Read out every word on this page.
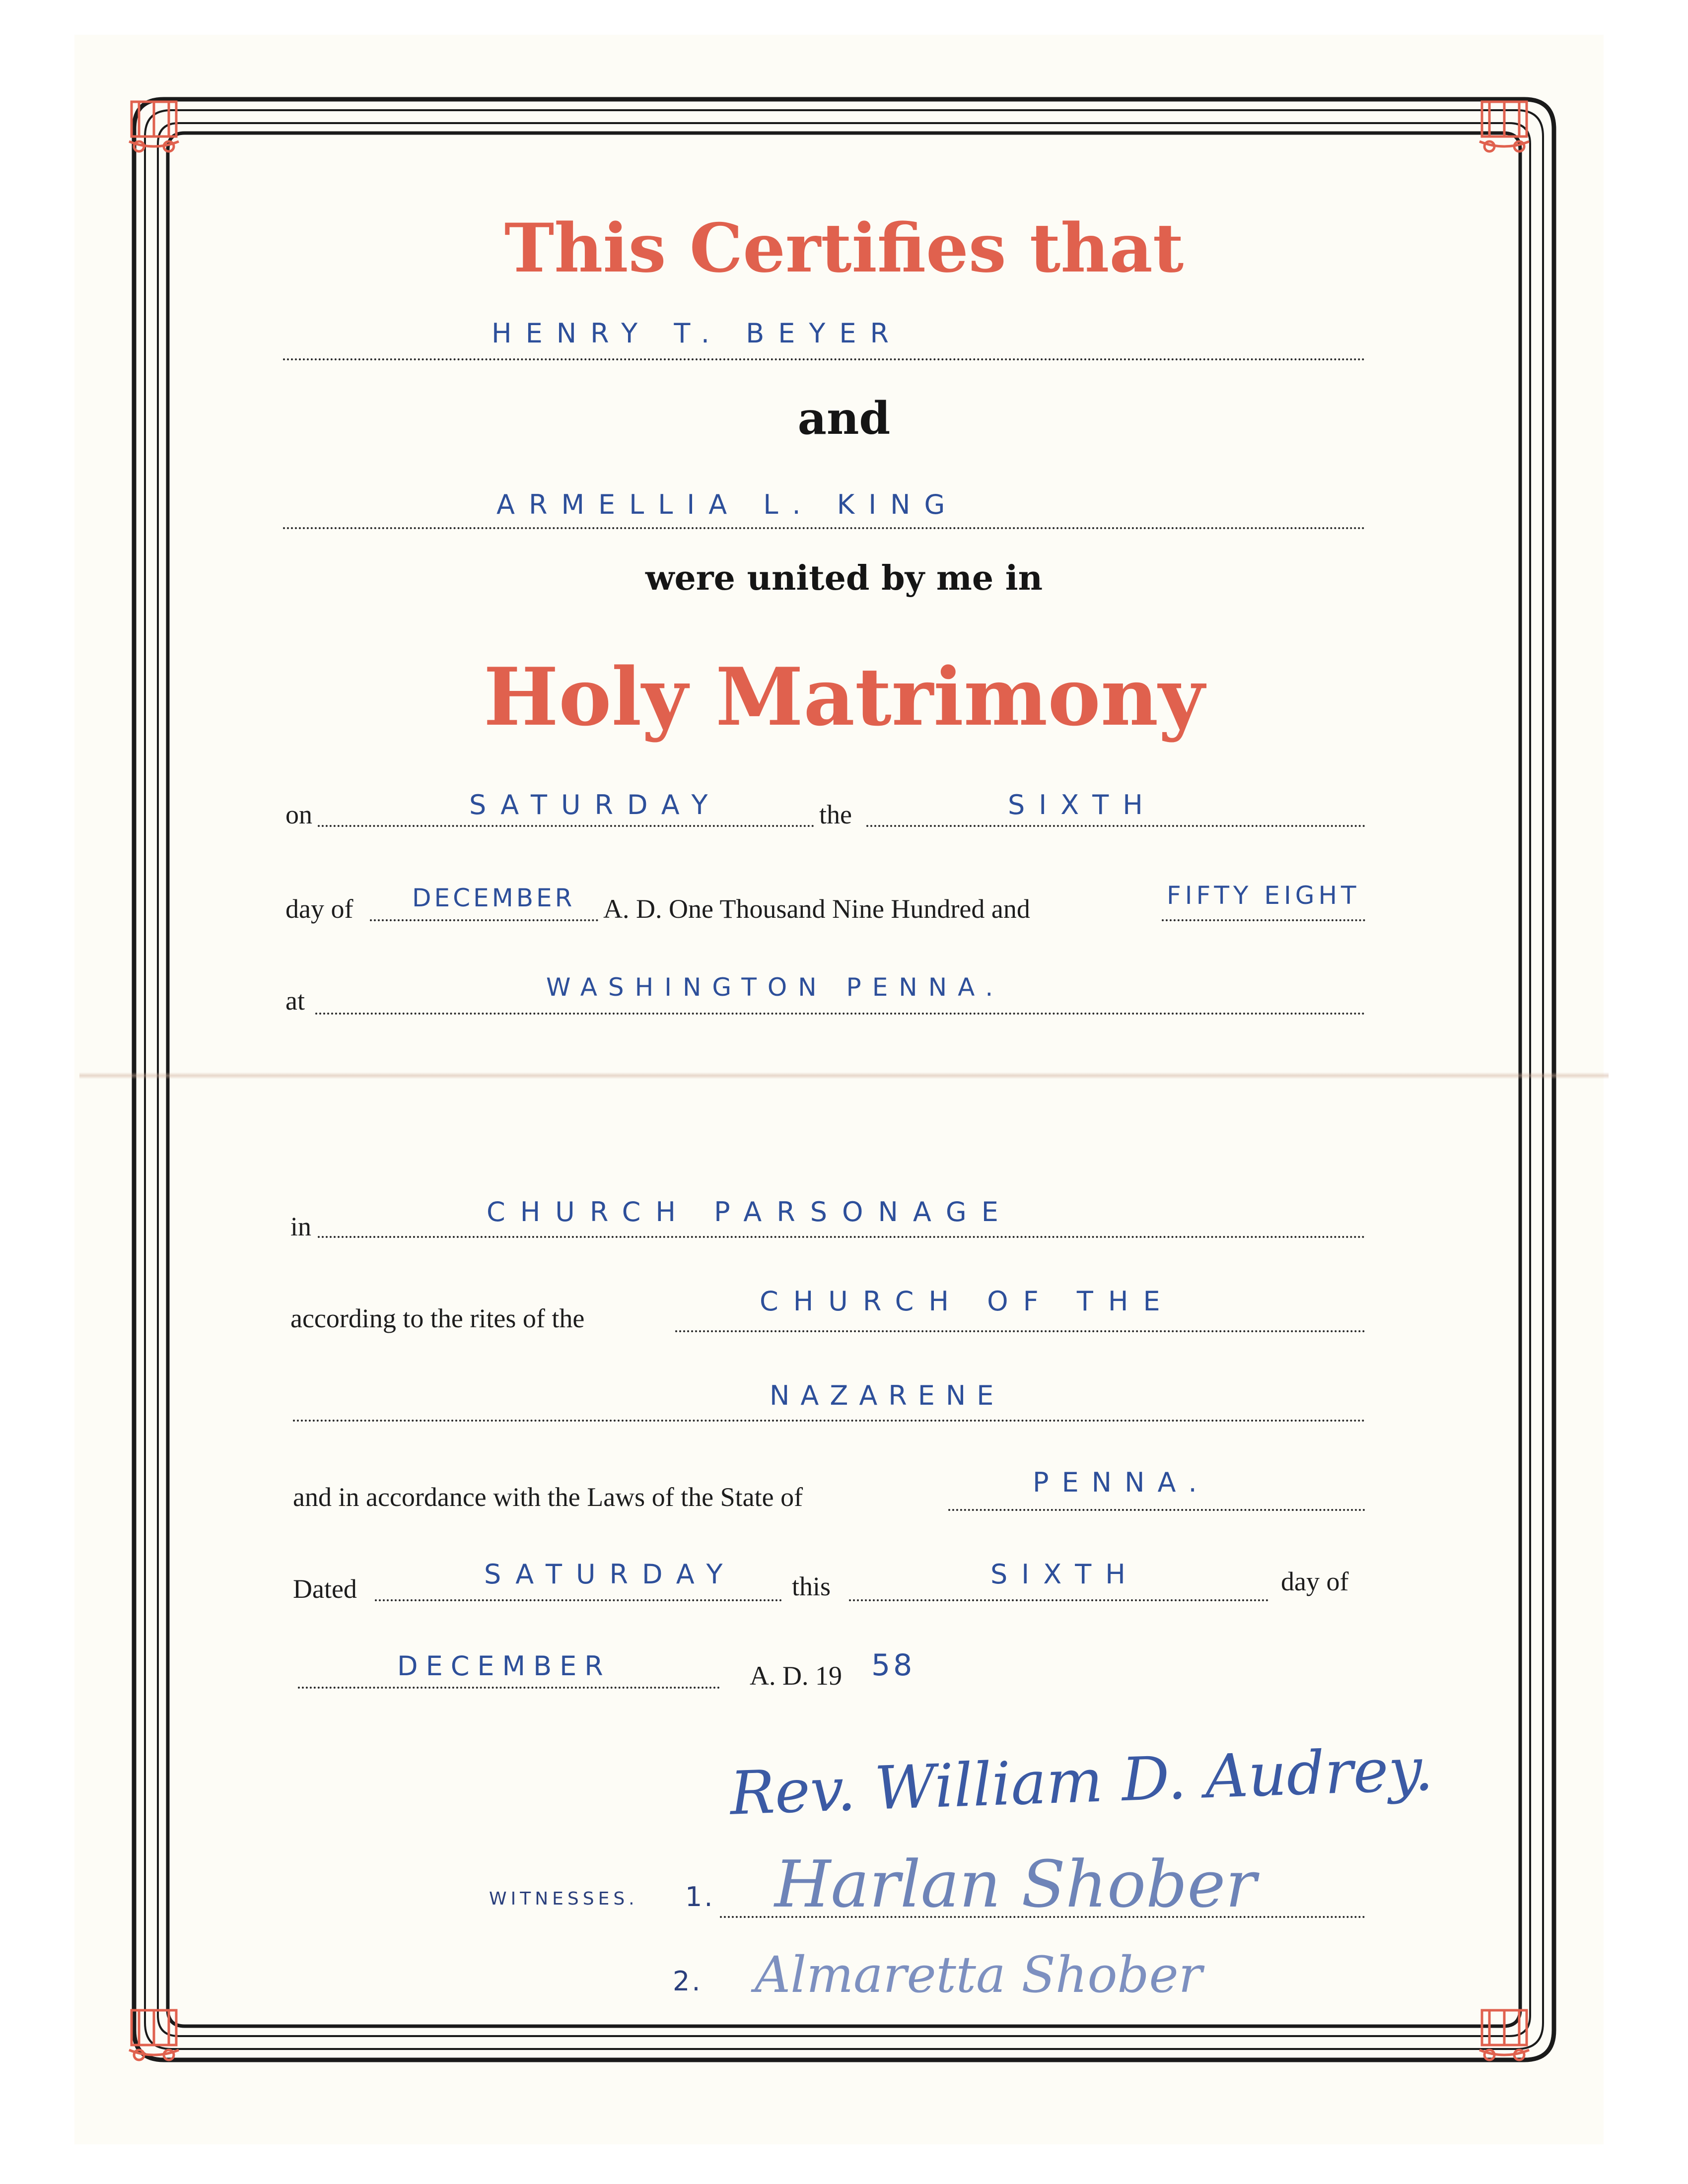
This Certifies that
HENRY T. BEYER
and
ARMELLIA L. KING
were united by me in
Holy Matrimony
on	SATURDAY	the	SIXTH
day of DECEMBER A. D. One Thousand Nine Hundred and	FIFTY EIGHT
at	WASHINGTON PENNA.
in	CHURCH PARSONAGE
according to the rites of the
CHURCH OF THE
NAZARENE
and in accordance with the Laws of the State of	PENNA.
Dated	SATURDAY this	SIXTH	day of
DECEMBER	A. D. 19 58
Rev. William D. Audrey.
WITNESSES. 1. Harlan Shober
2. Almaretta Shober
